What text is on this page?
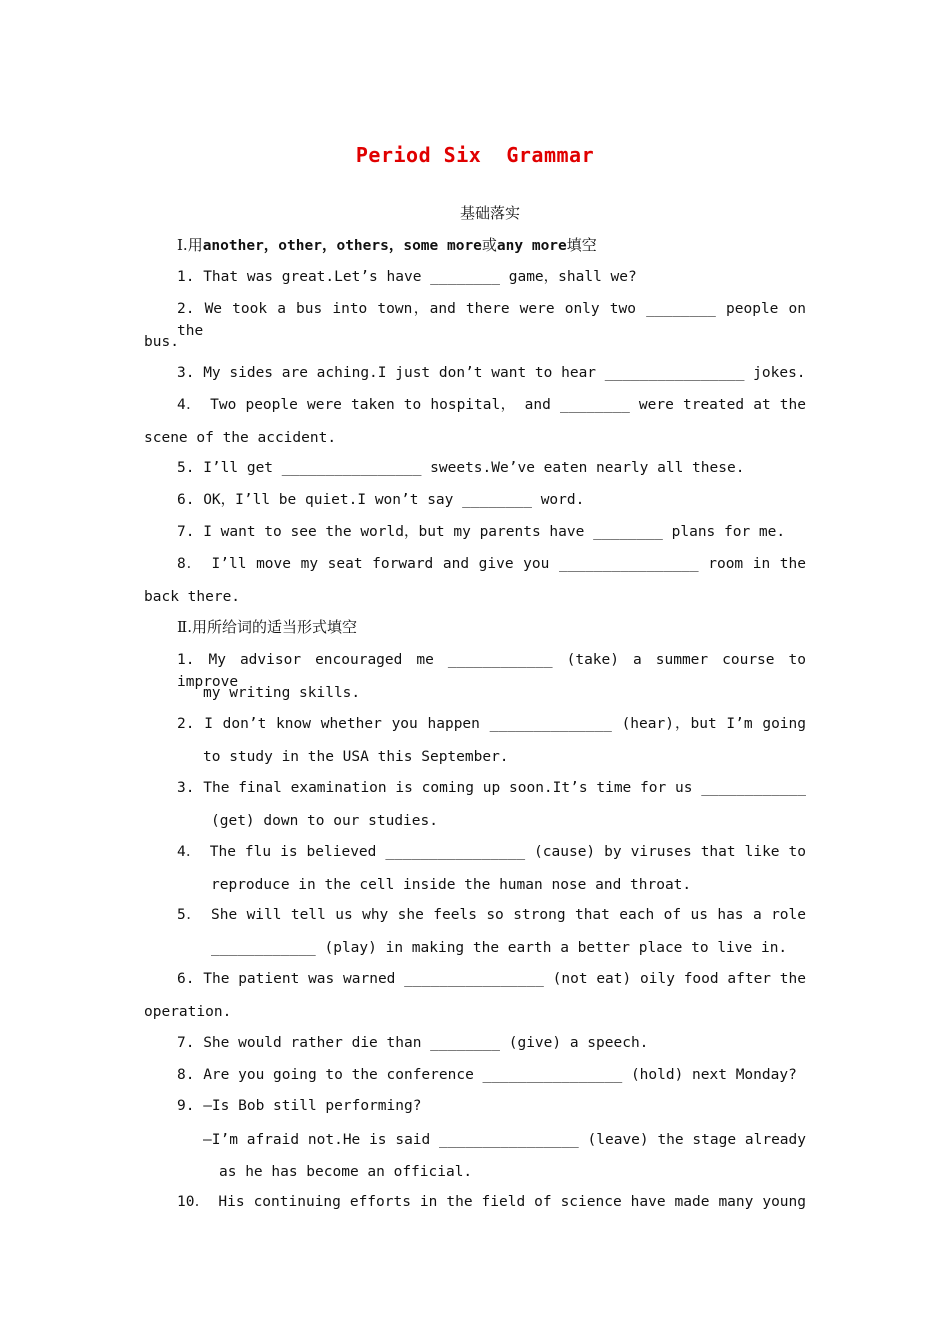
Period Six  Grammar
基础落实
Ⅰ.用another，other，others，some more或any more填空
1. That was great.Let’s have ________ game，shall we?
2. We took a bus into town，and there were only two ________ people on the
bus.
3. My sides are aching.I just don’t want to hear ________________ jokes.
4． Two people were taken to hospital， and ________ were treated at the
scene of the accident.
5. I’ll get ________________ sweets.We’ve eaten nearly all these.
6. OK，I’ll be quiet.I won’t say ________ word.
7. I want to see the world，but my parents have ________ plans for me.
8． I’ll move my seat forward and give you ________________ room in the
back there.
Ⅱ.用所给词的适当形式填空
1. My advisor encouraged me ____________ (take) a summer course to improve
my writing skills.
2. I don’t know whether you happen ______________ (hear)，but I’m going
to study in the USA this September.
3. The final examination is coming up soon.It’s time for us ____________
(get) down to our studies.
4． The flu is believed ________________ (cause) by viruses that like to
reproduce in the cell inside the human nose and throat.
5． She will tell us why she feels so strong that each of us has a role
____________ (play) in making the earth a better place to live in.
6. The patient was warned ________________ (not eat) oily food after the
operation.
7. She would rather die than ________ (give) a speech.
8. Are you going to the conference ________________ (hold) next Monday?
9. —Is Bob still performing?
—I’m afraid not.He is said ________________ (leave) the stage already
as he has become an official.
10． His continuing efforts in the field of science have made many young
